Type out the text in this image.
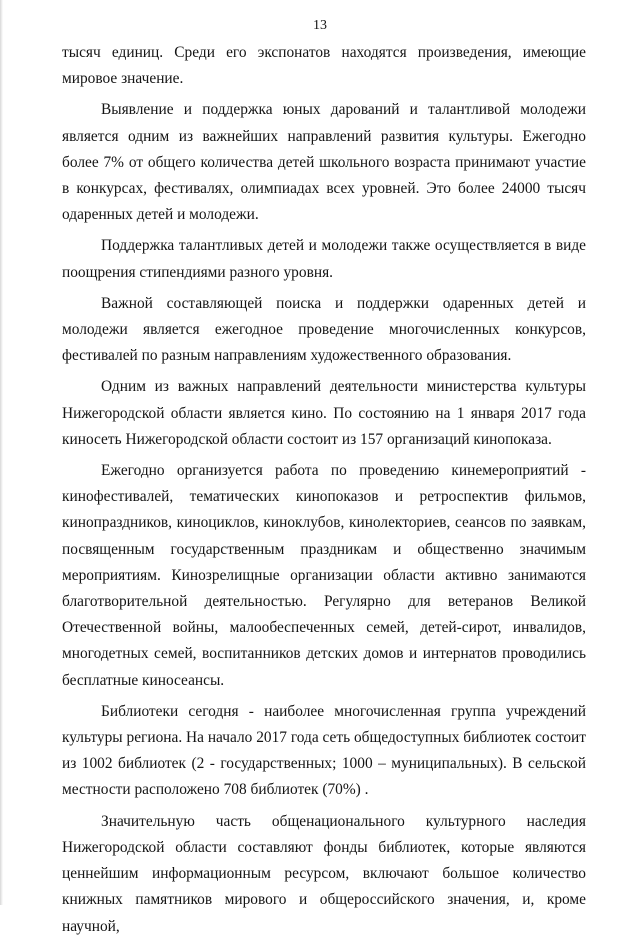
13

тысяч единиц. Среди его экспонатов находятся произведения, имеющие мировое значение.

Выявление и поддержка юных дарований и талантливой молодежи является одним из важнейших направлений развития культуры. Ежегодно более 7% от общего количества детей школьного возраста принимают участие в конкурсах, фестивалях, олимпиадах всех уровней. Это более 24000 тысяч одаренных детей и молодежи.

Поддержка талантливых детей и молодежи также осуществляется в виде поощрения стипендиями разного уровня.

Важной составляющей поиска и поддержки одаренных детей и молодежи является ежегодное проведение многочисленных конкурсов, фестивалей по разным направлениям художественного образования.

Одним из важных направлений деятельности министерства культуры Нижегородской области является кино. По состоянию на 1 января 2017 года киносеть Нижегородской области состоит из 157 организаций кинопоказа.

Ежегодно организуется работа по проведению кинемероприятий - кинофестивалей, тематических кинопоказов и ретроспектив фильмов, кинопраздников, киноциклов, киноклубов, кинолекториев, сеансов по заявкам, посвященным государственным праздникам и общественно значимым мероприятиям. Кинозрелищные организации области активно занимаются благотворительной деятельностью. Регулярно для ветеранов Великой Отечественной войны, малообеспеченных семей, детей-сирот, инвалидов, многодетных семей, воспитанников детских домов и интернатов проводились бесплатные киносеансы.

Библиотеки сегодня - наиболее многочисленная группа учреждений культуры региона. На начало 2017 года сеть общедоступных библиотек состоит из 1002 библиотек (2 - государственных; 1000 – муниципальных). В сельской местности расположено 708 библиотек (70%) .

Значительную часть общенационального культурного наследия Нижегородской области составляют фонды библиотек, которые являются ценнейшим информационным ресурсом, включают большое количество книжных памятников мирового и общероссийского значения, и, кроме научной,
